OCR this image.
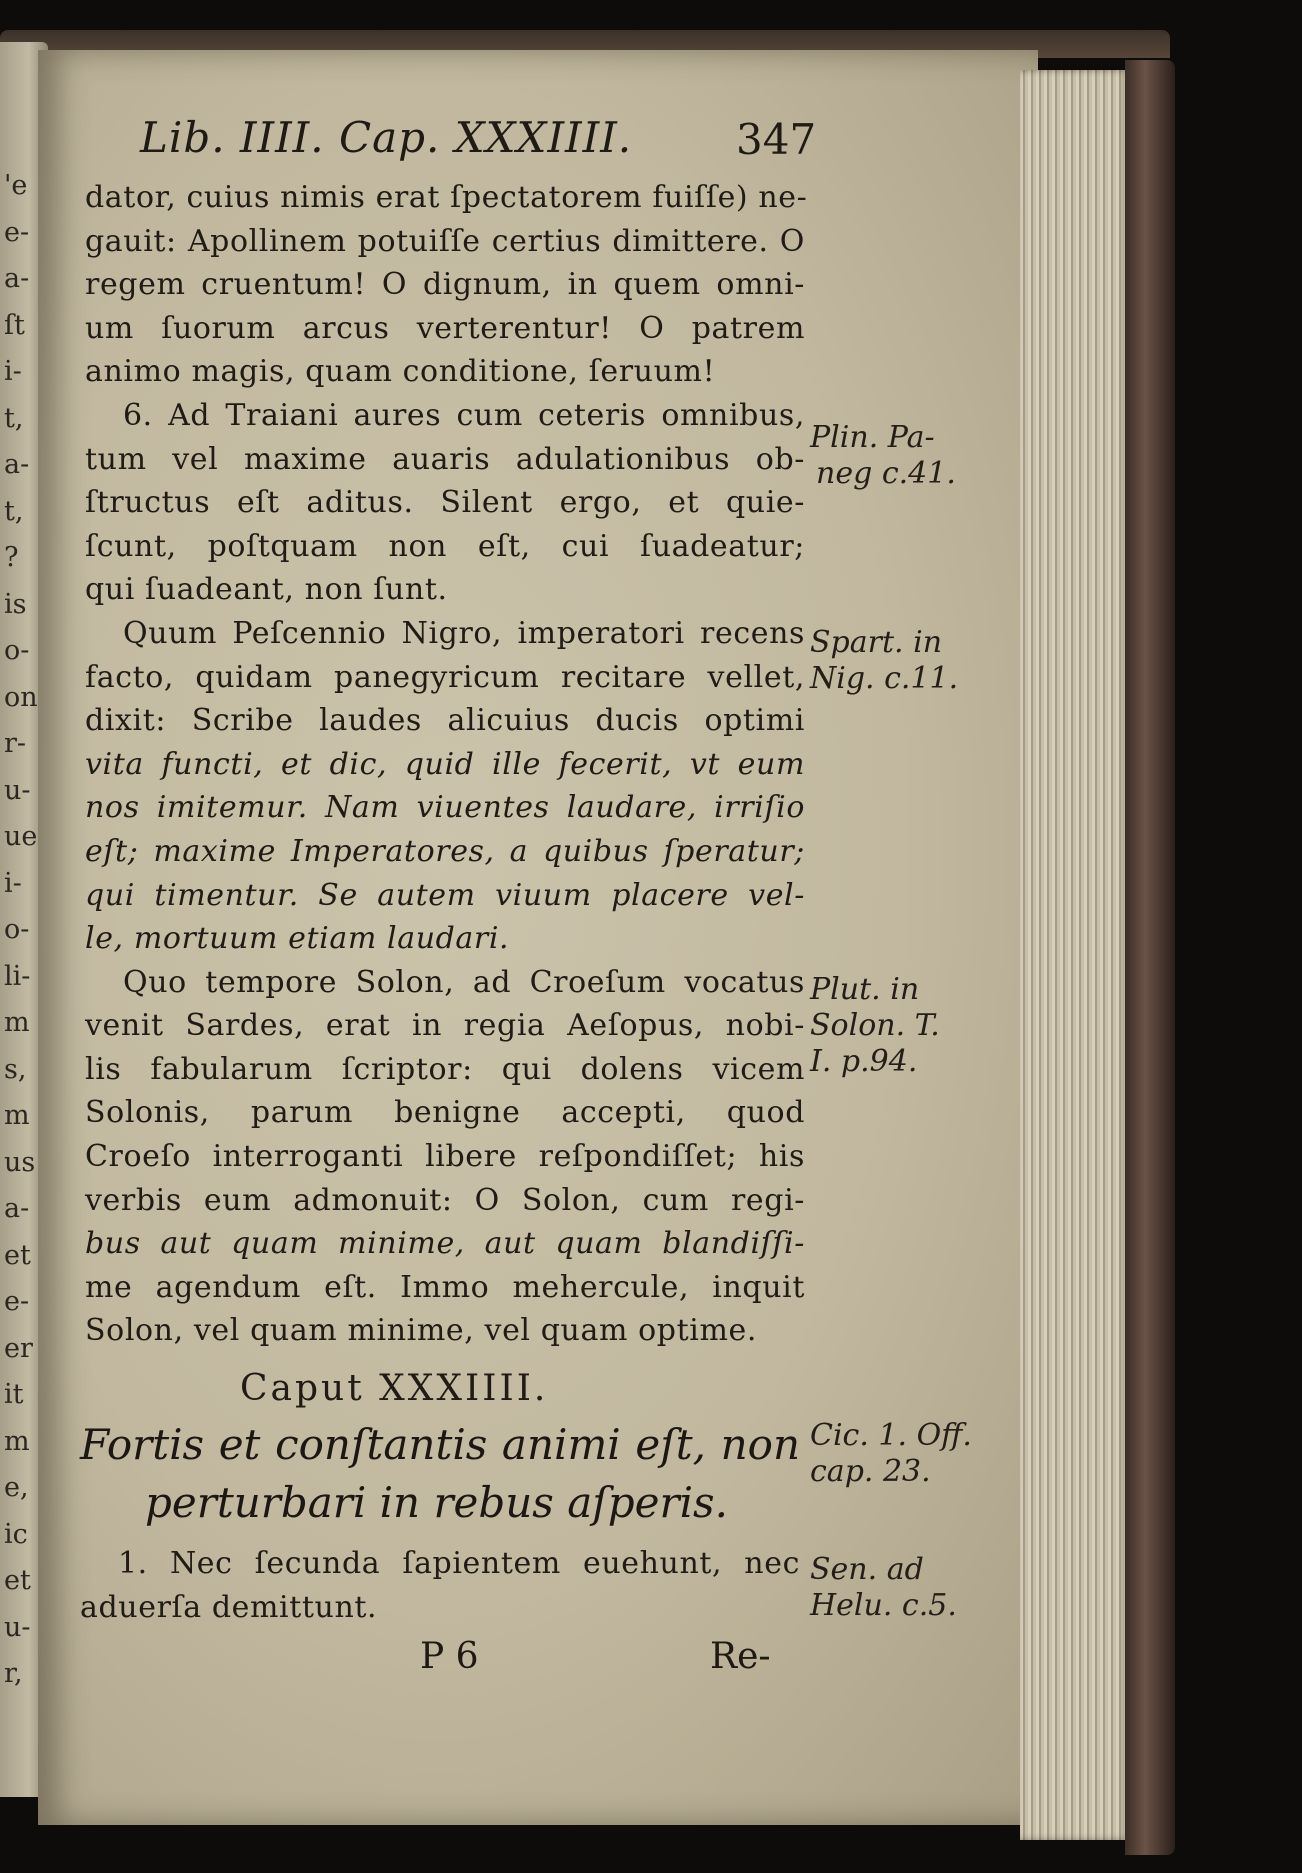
'e
e-
a-
ſt
i-
t,
a-
t,
?
is
o-
on
r-
u-
ue
i-
o-
li-
m
s,
m
us
a-
et
e-
er
it
m
e,
ic
et
u-
r,
Lib. IIII. Cap. XXXIIII. 347
dator, cuius nimis erat ſpectatorem fuiſſe) ne-
gauit: Apollinem potuiſſe certius dimittere. O
regem cruentum! O dignum, in quem omni-
um ſuorum arcus verterentur! O patrem
animo magis, quam conditione, ſeruum!
6. Ad Traiani aures cum ceteris omnibus,
tum vel maxime auaris adulationibus ob-
ſtructus eſt aditus. Silent ergo, et quie-
ſcunt, poſtquam non eſt, cui ſuadeatur;
qui ſuadeant, non ſunt.
Quum Peſcennio Nigro, imperatori recens
facto, quidam panegyricum recitare vellet,
dixit: Scribe laudes alicuius ducis optimi
vita functi, et dic, quid ille fecerit, vt eum
nos imitemur. Nam viuentes laudare, irriſio
eſt; maxime Imperatores, a quibus ſperatur;
qui timentur. Se autem viuum placere vel-
le, mortuum etiam laudari.
Quo tempore Solon, ad Croeſum vocatus
venit Sardes, erat in regia Aeſopus, nobi-
lis fabularum ſcriptor: qui dolens vicem
Solonis, parum benigne accepti, quod
Croeſo interroganti libere reſpondiſſet; his
verbis eum admonuit: O Solon, cum regi-
bus aut quam minime, aut quam blandiſſi-
me agendum eſt. Immo mehercule, inquit
Solon, vel quam minime, vel quam optime.
Caput XXXIIII.
Fortis et conſtantis animi eſt, non
perturbari in rebus aſperis.
1. Nec ſecunda ſapientem euehunt, nec
aduerſa demittunt.
P 6	Re-
Plin. Pa-
neg c.41.
Spart. in
Nig. c.11.
Plut. in
Solon. T.
I. p.94.
Cic. 1. Off.
cap. 23.
Sen. ad
Helu. c.5.
